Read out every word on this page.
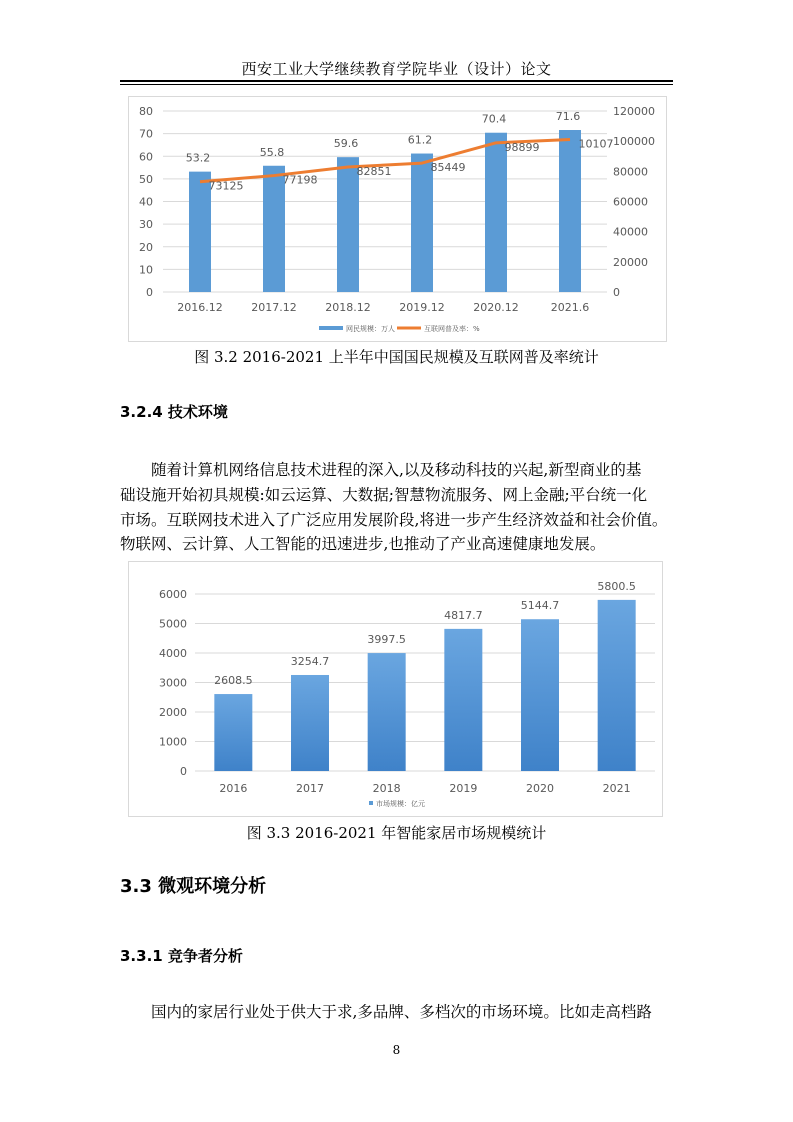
西安工业大学继续教育学院毕业（设计）论文
0
10
20
30
40
50
60
70
80
0
20000
40000
60000
80000
100000
120000
53.2
2016.12
55.8
2017.12
59.6
2018.12
61.2
2019.12
70.4
2020.12
71.6
2021.6
73125	77198
82851	85449
98899	10107
网民规模：万人	互联网普及率：%
图 3.2 2016-2021 上半年中国国民规模及互联网普及率统计
3.2.4 技术环境
随着计算机网络信息技术进程的深入,以及移动科技的兴起,新型商业的基
础设施开始初具规模:如云运算、大数据;智慧物流服务、网上金融;平台统一化
市场。互联网技术进入了广泛应用发展阶段,将进一步产生经济效益和社会价值。
物联网、云计算、人工智能的迅速进步,也推动了产业高速健康地发展。
0
1000
2000
3000
4000
5000
6000
2608.5
2016
3254.7
2017
3997.5
2018
4817.7
2019
5144.7
2020
5800.5
2021
市场规模：亿元
图 3.3 2016-2021 年智能家居市场规模统计
3.3 微观环境分析
3.3.1 竞争者分析
国内的家居行业处于供大于求,多品牌、多档次的市场环境。比如走高档路
8
